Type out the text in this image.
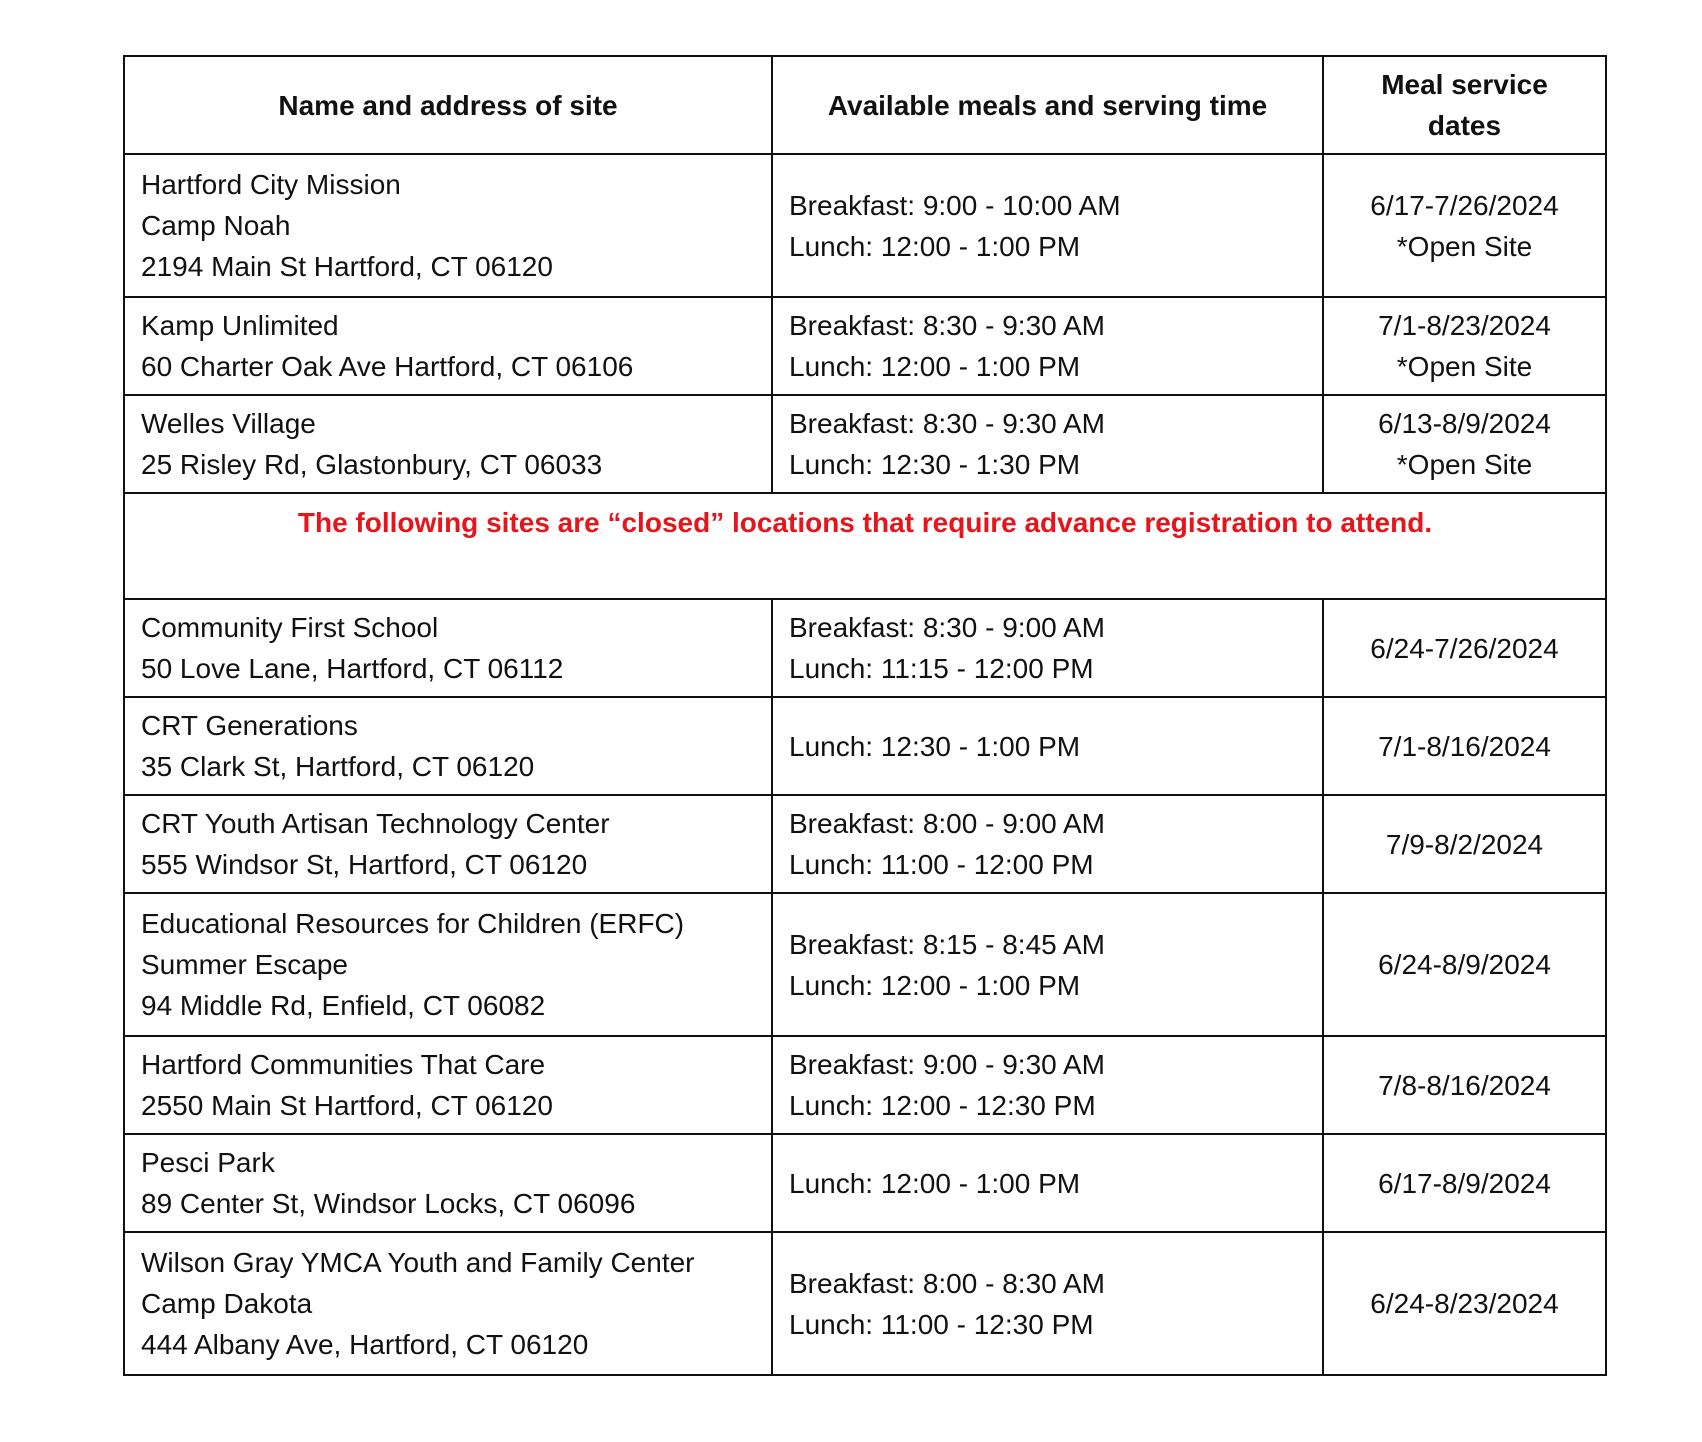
Name and address of site	Available meals and serving time	Meal service
dates

Hartford City Mission
Camp Noah
2194 Main St Hartford, CT 06120	Breakfast: 9:00 - 10:00 AM
Lunch: 12:00 - 1:00 PM	6/17-7/26/2024
*Open Site

Kamp Unlimited
60 Charter Oak Ave Hartford, CT 06106	Breakfast: 8:30 - 9:30 AM
Lunch: 12:00 - 1:00 PM	7/1-8/23/2024
*Open Site

Welles Village
25 Risley Rd, Glastonbury, CT 06033	Breakfast: 8:30 - 9:30 AM
Lunch: 12:30 - 1:30 PM	6/13-8/9/2024
*Open Site

The following sites are “closed” locations that require advance registration to attend.		

Community First School
50 Love Lane, Hartford, CT 06112	Breakfast: 8:30 - 9:00 AM
Lunch: 11:15 - 12:00 PM	6/24-7/26/2024

CRT Generations
35 Clark St, Hartford, CT 06120	Lunch: 12:30 - 1:00 PM	7/1-8/16/2024

CRT Youth Artisan Technology Center
555 Windsor St, Hartford, CT 06120	Breakfast: 8:00 - 9:00 AM
Lunch: 11:00 - 12:00 PM	7/9-8/2/2024

Educational Resources for Children (ERFC)
Summer Escape
94 Middle Rd, Enfield, CT 06082	Breakfast: 8:15 - 8:45 AM
Lunch: 12:00 - 1:00 PM	6/24-8/9/2024

Hartford Communities That Care
2550 Main St Hartford, CT 06120	Breakfast: 9:00 - 9:30 AM
Lunch: 12:00 - 12:30 PM	7/8-8/16/2024

Pesci Park
89 Center St, Windsor Locks, CT 06096	Lunch: 12:00 - 1:00 PM	6/17-8/9/2024

Wilson Gray YMCA Youth and Family Center
Camp Dakota
444 Albany Ave, Hartford, CT 06120	Breakfast: 8:00 - 8:30 AM
Lunch: 11:00 - 12:30 PM	6/24-8/23/2024
